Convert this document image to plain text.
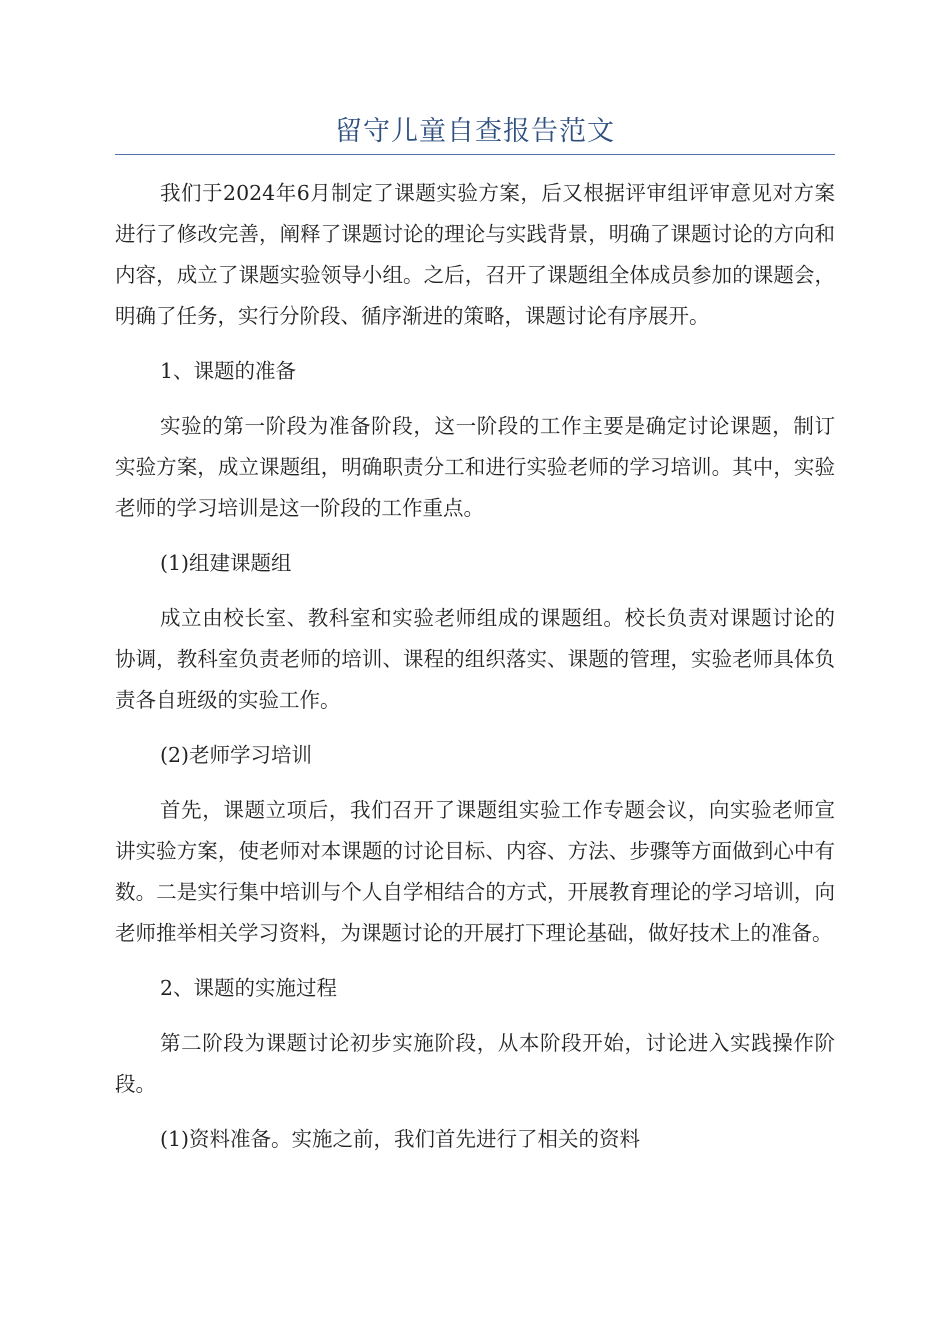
留守儿童自查报告范文

我们于2024年6月制定了课题实验方案，后又根据评审组评审意见对方案进行了修改完善，阐释了课题讨论的理论与实践背景，明确了课题讨论的方向和内容，成立了课题实验领导小组。之后，召开了课题组全体成员参加的课题会，明确了任务，实行分阶段、循序渐进的策略，课题讨论有序展开。

1、课题的准备

实验的第一阶段为准备阶段，这一阶段的工作主要是确定讨论课题，制订实验方案，成立课题组，明确职责分工和进行实验老师的学习培训。其中，实验老师的学习培训是这一阶段的工作重点。

(1)组建课题组

成立由校长室、教科室和实验老师组成的课题组。校长负责对课题讨论的协调，教科室负责老师的培训、课程的组织落实、课题的管理，实验老师具体负责各自班级的实验工作。

(2)老师学习培训

首先，课题立项后，我们召开了课题组实验工作专题会议，向实验老师宣讲实验方案，使老师对本课题的讨论目标、内容、方法、步骤等方面做到心中有数。二是实行集中培训与个人自学相结合的方式，开展教育理论的学习培训，向老师推举相关学习资料，为课题讨论的开展打下理论基础，做好技术上的准备。

2、课题的实施过程

第二阶段为课题讨论初步实施阶段，从本阶段开始，讨论进入实践操作阶段。

(1)资料准备。实施之前，我们首先进行了相关的资料
